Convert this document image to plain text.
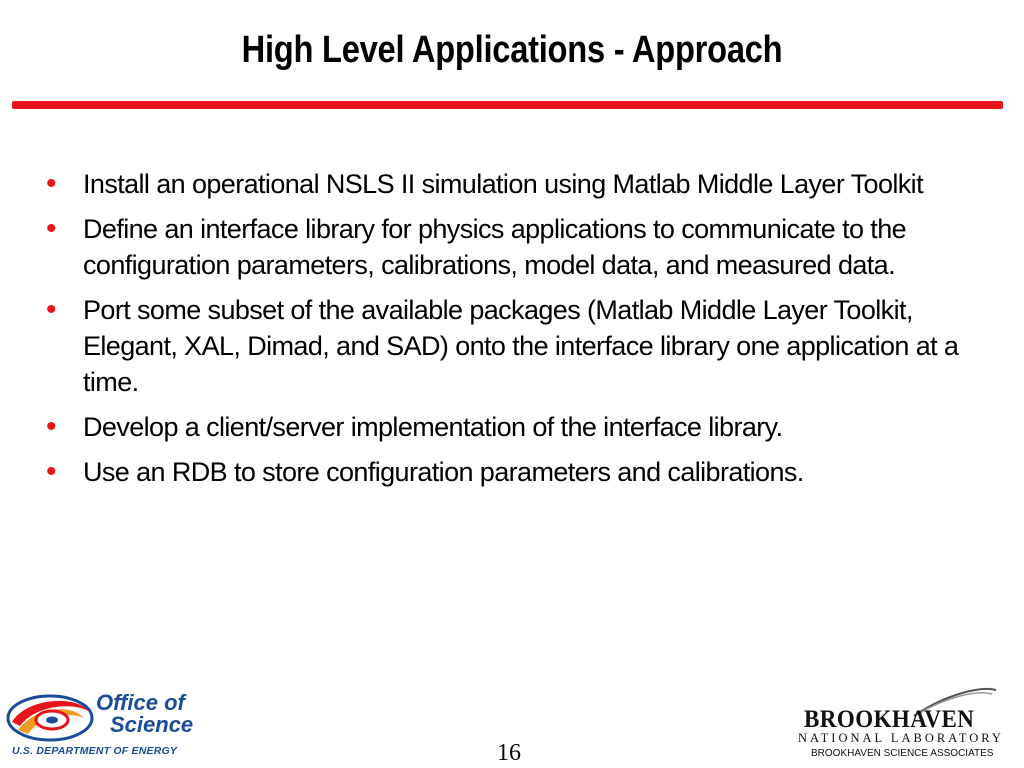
High Level Applications - Approach
• Install an operational NSLS II simulation using Matlab Middle Layer Toolkit
• Define an interface library for physics applications to communicate to the configuration parameters, calibrations, model data, and measured data.
• Port some subset of the available packages (Matlab Middle Layer Toolkit, Elegant, XAL, Dimad, and SAD) onto the interface library one application at a time.
• Develop a client/server implementation of the interface library.
• Use an RDB to store configuration parameters and calibrations.
Office of
Science
U.S. DEPARTMENT OF ENERGY	16
BROOKHAVEN
NATIONAL LABORATORY
BROOKHAVEN SCIENCE ASSOCIATES
